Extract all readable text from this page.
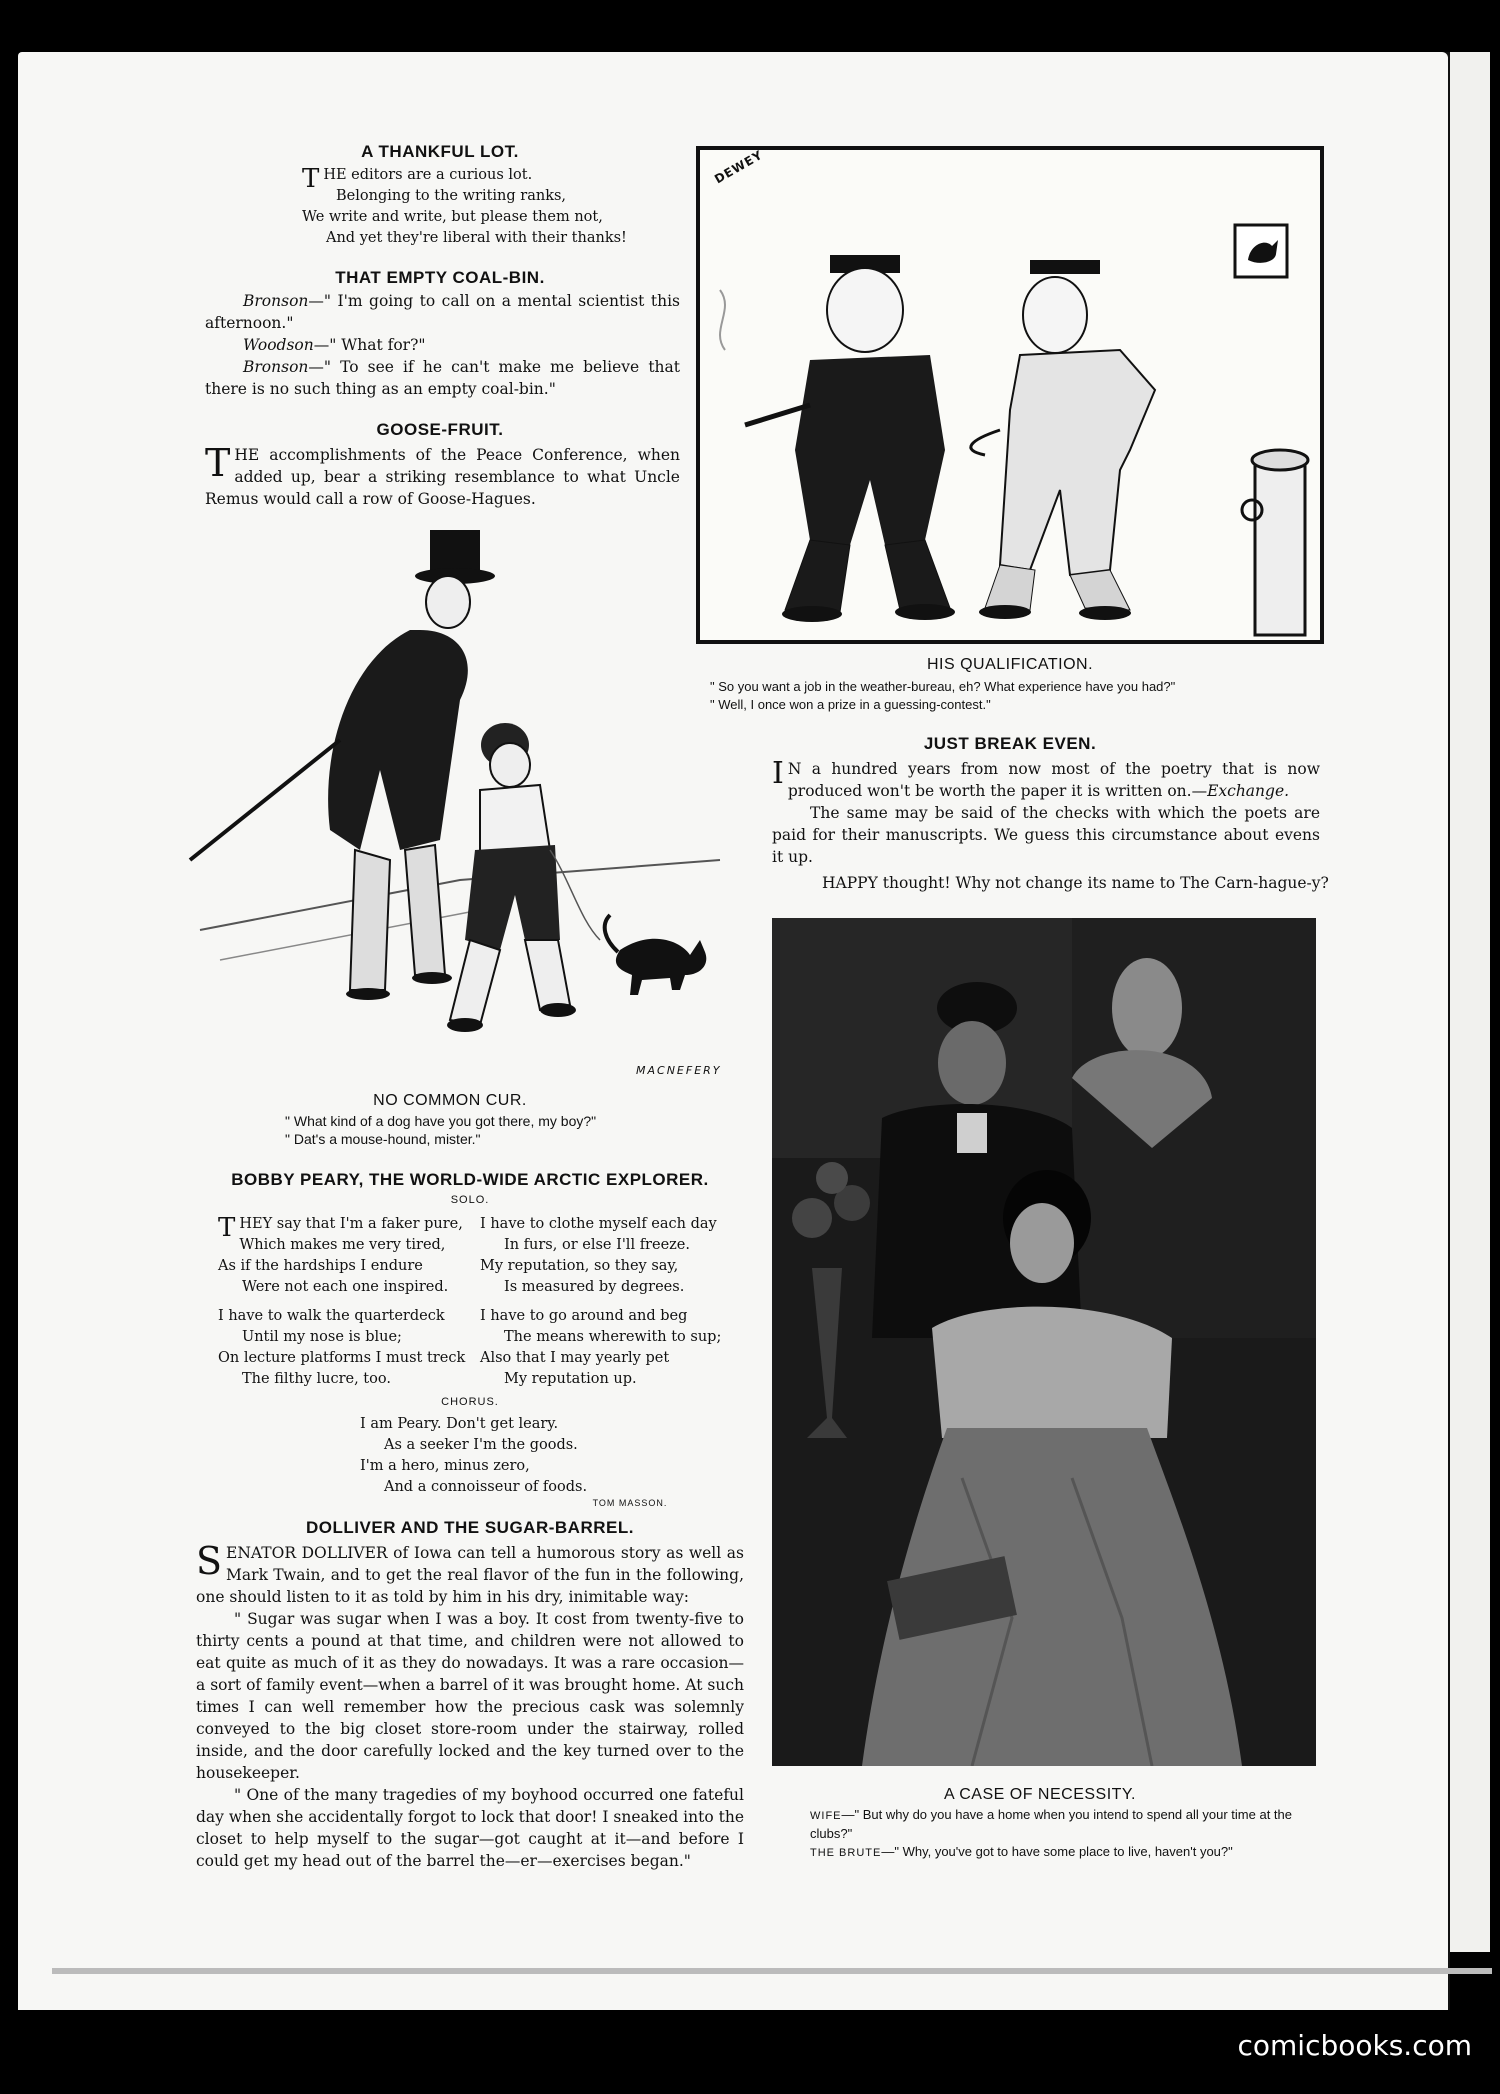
A THANKFUL LOT.
THE editors are a curious lot.
Belonging to the writing ranks,
We write and write, but please them not,
And yet they're liberal with their thanks!
THAT EMPTY COAL-BIN.
Bronson—" I'm going to call on a mental scientist this afternoon."
Woodson—" What for?"
Bronson—" To see if he can't make me believe that there is no such thing as an empty coal-bin."
GOOSE-FRUIT.
THE accomplishments of the Peace Conference, when added up, bear a striking resemblance to what Uncle Remus would call a row of Goose-Hagues.
MACNEFERY
NO COMMON CUR.
" What kind of a dog have you got there, my boy?"
" Dat's a mouse-hound, mister."
BOBBY PEARY, THE WORLD-WIDE ARCTIC EXPLORER.
SOLO.
THEY say that I'm a faker pure,
Which makes me very tired,
As if the hardships I endure
Were not each one inspired.
I have to clothe myself each day
In furs, or else I'll freeze.
My reputation, so they say,
Is measured by degrees.
I have to walk the quarterdeck
Until my nose is blue;
On lecture platforms I must treck
The filthy lucre, too.
I have to go around and beg
The means wherewith to sup;
Also that I may yearly pet
My reputation up.
CHORUS.
I am Peary. Don't get leary.
As a seeker I'm the goods.
I'm a hero, minus zero,
And a connoisseur of foods.
TOM MASSON.
DOLLIVER AND THE SUGAR-BARREL.
SENATOR DOLLIVER of Iowa can tell a humorous story as well as Mark Twain, and to get the real flavor of the fun in the following, one should listen to it as told by him in his dry, inimitable way:
" Sugar was sugar when I was a boy. It cost from twenty-five to thirty cents a pound at that time, and children were not allowed to eat quite as much of it as they do nowadays. It was a rare occasion—a sort of family event—when a barrel of it was brought home. At such times I can well remember how the precious cask was solemnly conveyed to the big closet store-room under the stairway, rolled inside, and the door carefully locked and the key turned over to the housekeeper.
" One of the many tragedies of my boyhood occurred one fateful day when she accidentally forgot to lock that door! I sneaked into the closet to help myself to the sugar—got caught at it—and before I could get my head out of the barrel the—er—exercises began."
DEWEY
HIS QUALIFICATION.
" So you want a job in the weather-bureau, eh? What experience have you had?"
" Well, I once won a prize in a guessing-contest."
JUST BREAK EVEN.
I N a hundred years from now most of the poetry that is now produced won't be worth the paper it is written on.—Exchange.
The same may be said of the checks with which the poets are paid for their manuscripts. We guess this circumstance about evens it up.
HAPPY thought! Why not change its name to The Carn-hague-y?
A CASE OF NECESSITY.
WIFE—" But why do you have a home when you intend to spend all your time at the clubs?"
THE BRUTE—" Why, you've got to have some place to live, haven't you?"
comicbooks.com
